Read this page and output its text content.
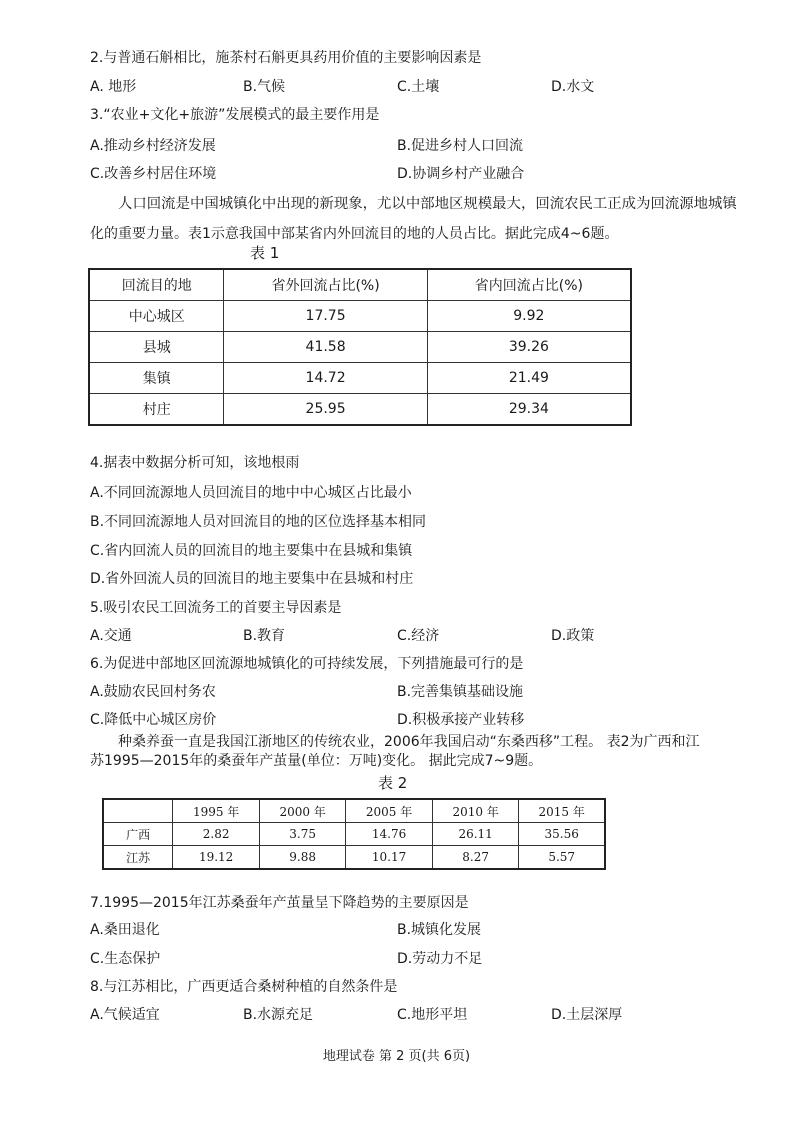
2.与普通石斛相比，施茶村石斛更具药用价值的主要影响因素是
A. 地形	B.气候	C.土壤	D.水文
3.“农业+文化+旅游”发展模式的最主要作用是
A.推动乡村经济发展	B.促进乡村人口回流
C.改善乡村居住环境	D.协调乡村产业融合
人口回流是中国城镇化中出现的新现象，尤以中部地区规模最大，回流农民工正成为回流源地城镇
化的重要力量。表1示意我国中部某省内外回流目的地的人员占比。据此完成4~6题。
表 1
回流目的地	省外回流占比(%)	省内回流占比(%)
中心城区	17.75	9.92
县城	41.58	39.26
集镇	14.72	21.49
村庄	25.95	29.34
4.据表中数据分析可知，该地根雨
A.不同回流源地人员回流目的地中中心城区占比最小
B.不同回流源地人员对回流目的地的区位选择基本相同
C.省内回流人员的回流目的地主要集中在县城和集镇
D.省外回流人员的回流目的地主要集中在县城和村庄
5.吸引农民工回流务工的首要主导因素是
A.交通	B.教育	C.经济	D.政策
6.为促进中部地区回流源地城镇化的可持续发展，下列措施最可行的是
A.鼓励农民回村务农	B.完善集镇基础设施
C.降低中心城区房价	D.积极承接产业转移
种桑养蚕一直是我国江浙地区的传统农业，2006年我国启动“东桑西移”工程。 表2为广西和江
苏1995—2015年的桑蚕年产茧量(单位：万吨)变化。 据此完成7~9题。
表 2
	1995 年	2000 年	2005 年	2010 年	2015 年
广西	2.82	3.75	14.76	26.11	35.56
江苏	19.12	9.88	10.17	8.27	5.57
7.1995—2015年江苏桑蚕年产茧量呈下降趋势的主要原因是
A.桑田退化	B.城镇化发展
C.生态保护	D.劳动力不足
8.与江苏相比，广西更适合桑树种植的自然条件是
A.气候适宜	B.水源充足	C.地形平坦	D.土层深厚
地理试卷 第 2 页(共 6页)
